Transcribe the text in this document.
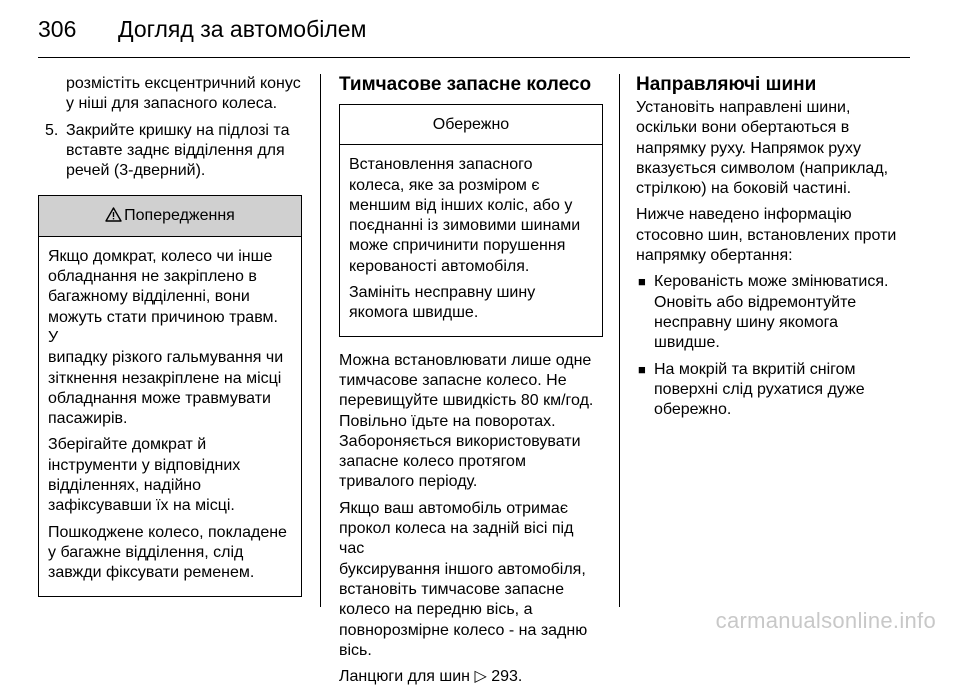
306 Догляд за автомобілем

розмістіть ексцентричний конус
у ніші для запасного колеса.

5. Закрийте кришку на підлозі та
вставте заднє відділення для
речей (3-дверний).
Попередження

Якщо домкрат, колесо чи інше
обладнання не закріплено в
багажному відділенні, вони
можуть стати причиною травм. У
випадку різкого гальмування чи
зіткнення незакріплене на місці
обладнання може травмувати
пасажирів.

Зберігайте домкрат й
інструменти у відповідних
відділеннях, надійно
зафіксувавши їх на місці.

Пошкоджене колесо, покладене
у багажне відділення, слід
завжди фіксувати ременем.

Тимчасове запасне колесо
Обережно

Встановлення запасного
колеса, яке за розміром є
меншим від інших коліс, або у
поєднанні із зимовими шинами
може спричинити порушення
керованості автомобіля.

Замініть несправну шину
якомога швидше.

Можна встановлювати лише одне
тимчасове запасне колесо. Не
перевищуйте швидкість 80 км/год.
Повільно їдьте на поворотах.
Забороняється використовувати
запасне колесо протягом
тривалого періоду.

Якщо ваш автомобіль отримає
прокол колеса на задній вісі під час
буксирування іншого автомобіля,
встановіть тимчасове запасне
колесо на передню вісь, а
повнорозмірне колесо - на задню
вісь.

Ланцюги для шин ▷ 293.

Направляючі шини

Установіть направлені шини,
оскільки вони обертаються в
напрямку руху. Напрямок руху
вказується символом (наприклад,
стрілкою) на боковій частині.

Нижче наведено інформацію
стосовно шин, встановлених проти
напрямку обертання:

■ Керованість може змінюватися.
Оновіть або відремонтуйте
несправну шину якомога
швидше.
■ На мокрій та вкритій снігом
поверхні слід рухатися дуже
обережно.
carmanualsonline.info
